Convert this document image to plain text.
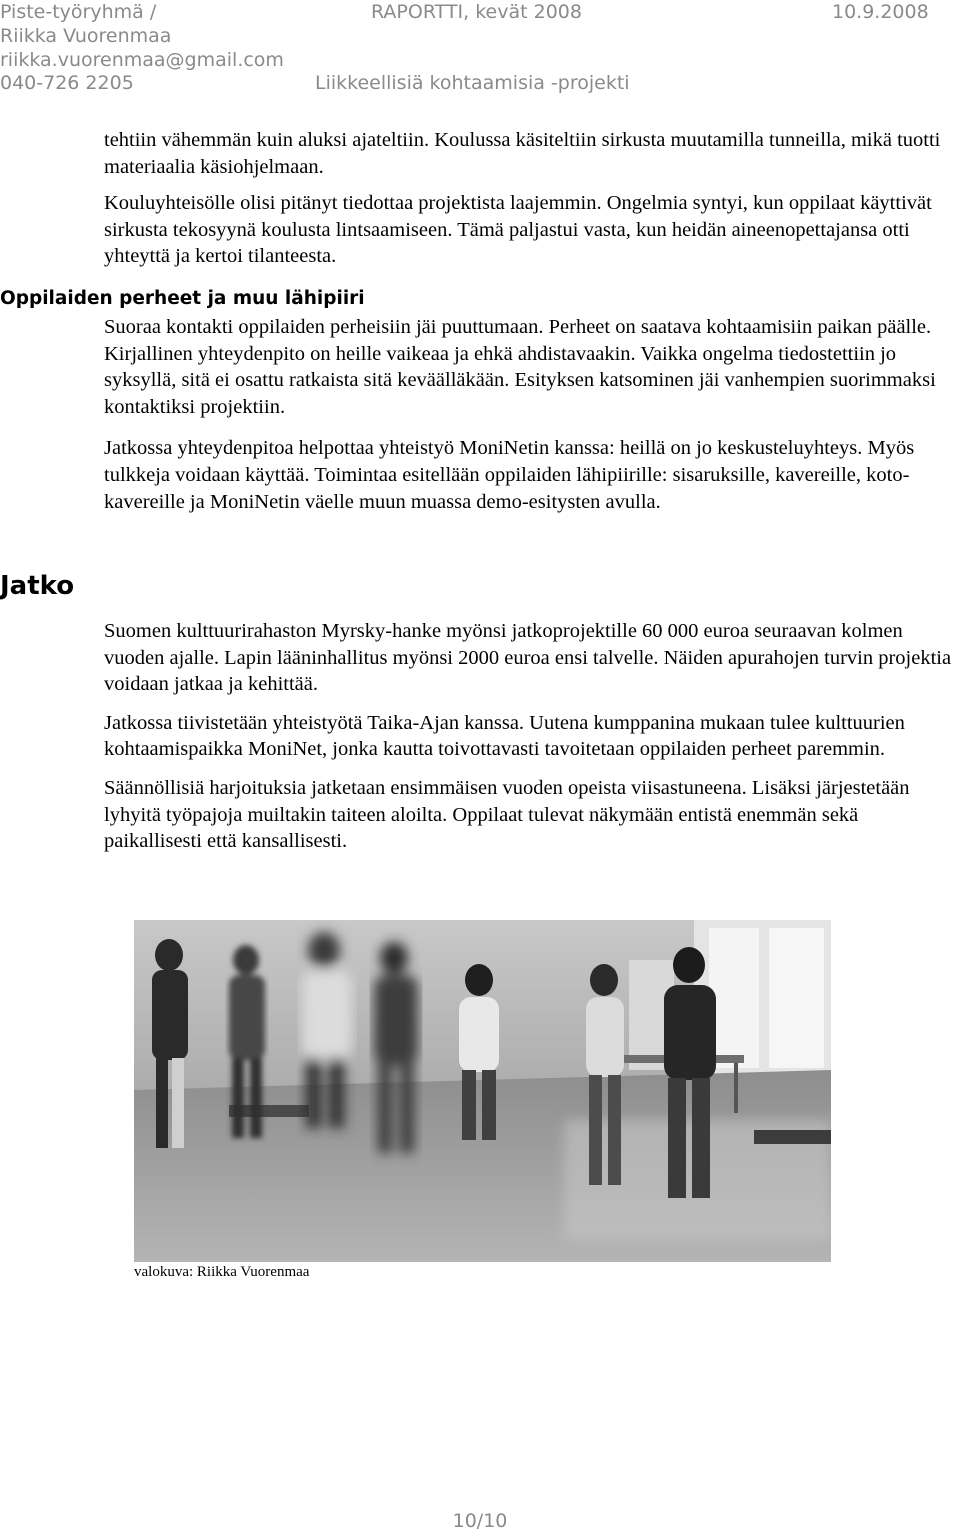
Piste-työryhmä /	RAPORTTI, kevät 2008	10.9.2008
Riikka Vuorenmaa
riikka.vuorenmaa@gmail.com
040-726 2205	Liikkeellisiä kohtaamisia -projekti

tehtiin vähemmän kuin aluksi ajateltiin. Koulussa käsiteltiin sirkusta muutamilla tunneilla, mikä tuotti materiaalia käsiohjelmaan.

Kouluyhteisölle olisi pitänyt tiedottaa projektista laajemmin. Ongelmia syntyi, kun oppilaat käyttivät sirkusta tekosyynä koulusta lintsaamiseen. Tämä paljastui vasta, kun heidän aineenopettajansa otti yhteyttä ja kertoi tilanteesta.

Oppilaiden perheet ja muu lähipiiri

Suoraa kontakti oppilaiden perheisiin jäi puuttumaan. Perheet on saatava kohtaamisiin paikan päälle. Kirjallinen yhteydenpito on heille vaikeaa ja ehkä ahdistavaakin. Vaikka ongelma tiedostettiin jo syksyllä, sitä ei osattu ratkaista sitä keväälläkään. Esityksen katsominen jäi vanhempien suorimmaksi kontaktiksi projektiin.

Jatkossa yhteydenpitoa helpottaa yhteistyö MoniNetin kanssa: heillä on jo keskusteluyhteys. Myös tulkkeja voidaan käyttää. Toimintaa esitellään oppilaiden lähipiirille: sisaruksille, kavereille, koto-kavereille ja MoniNetin väelle muun muassa demo-esitysten avulla.

Jatko

Suomen kulttuurirahaston Myrsky-hanke myönsi jatkoprojektille 60 000 euroa seuraavan kolmen vuoden ajalle. Lapin lääninhallitus myönsi 2000 euroa ensi talvelle. Näiden apurahojen turvin projektia voidaan jatkaa ja kehittää.

Jatkossa tiivistetään yhteistyötä Taika-Ajan kanssa. Uutena kumppanina mukaan tulee kulttuurien kohtaamispaikka MoniNet, jonka kautta toivottavasti tavoitetaan oppilaiden perheet paremmin.

Säännöllisiä harjoituksia jatketaan ensimmäisen vuoden opeista viisastuneena. Lisäksi järjestetään lyhyitä työpajoja muiltakin taiteen aloilta. Oppilaat tulevat näkymään entistä enemmän sekä paikallisesti että kansallisesti.

valokuva: Riikka Vuorenmaa
10/10
